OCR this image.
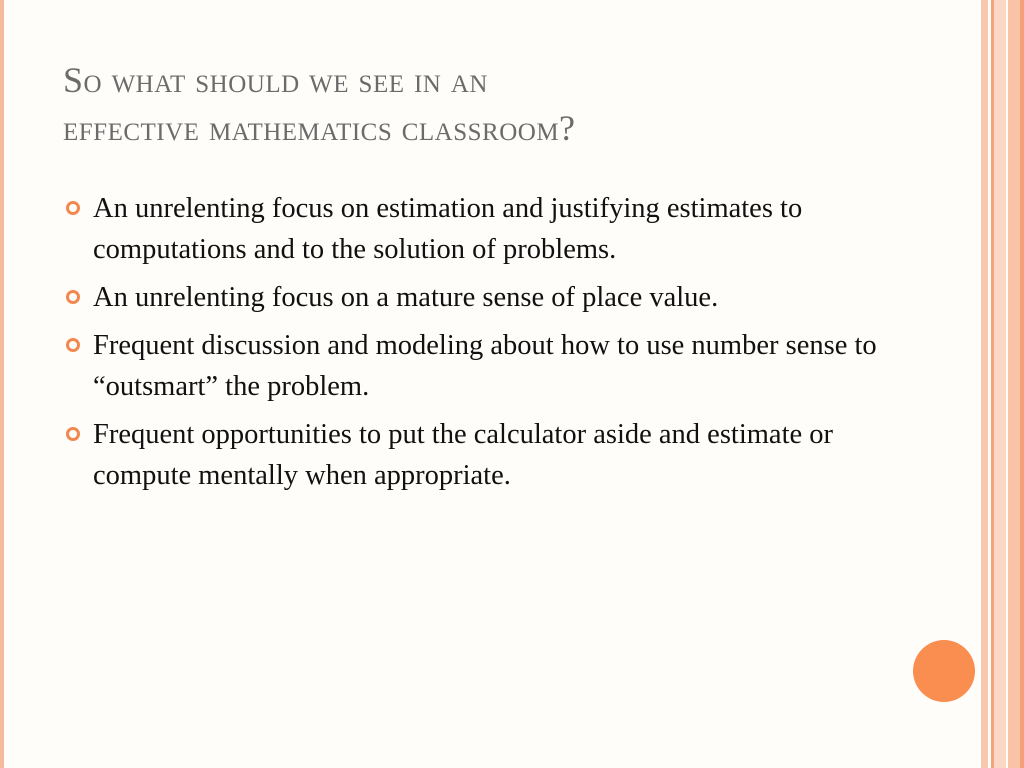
So what should we see in an
effective mathematics classroom?
An unrelenting focus on estimation and justifying estimates to computations and to the solution of problems.
An unrelenting focus on a mature sense of place value.
Frequent discussion and modeling about how to use number sense to “outsmart” the problem.
Frequent opportunities to put the calculator aside and estimate or compute mentally when appropriate.
